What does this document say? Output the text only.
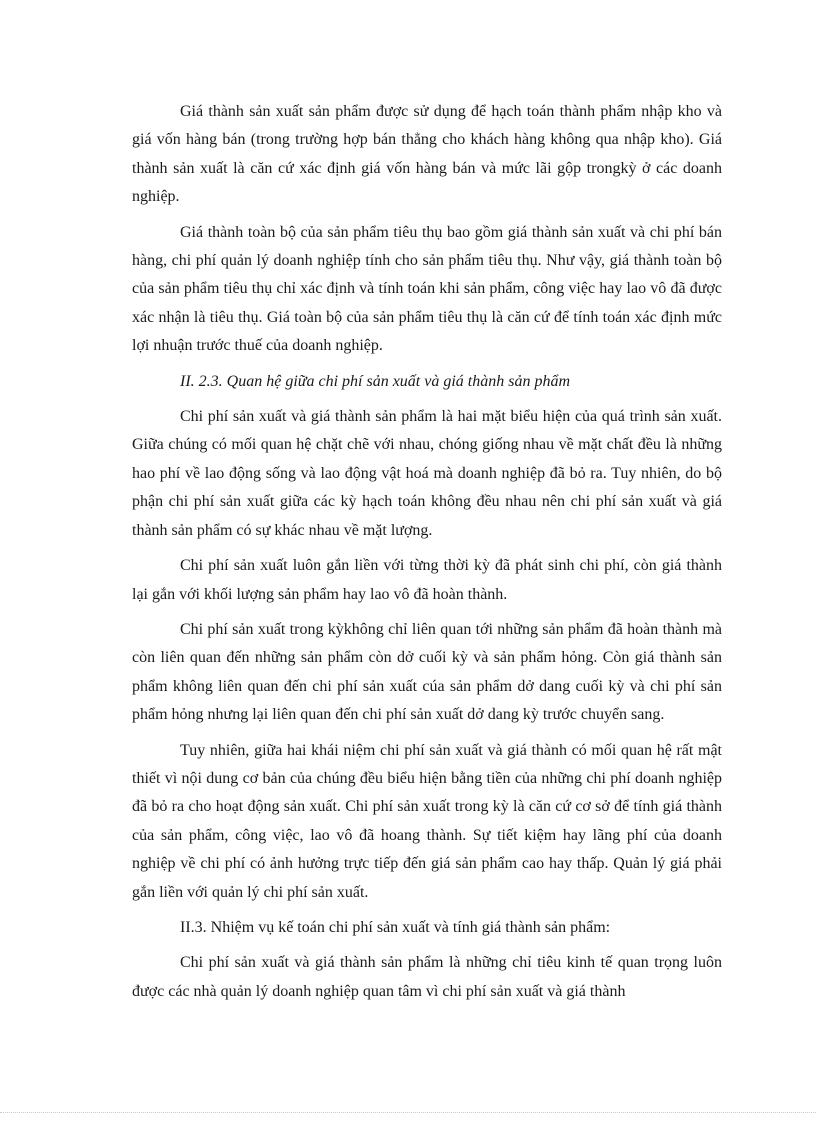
Giá thành sản xuất sản phẩm được sử dụng để hạch toán thành phẩm nhập kho và giá vốn hàng bán (trong trường hợp bán thẳng cho khách hàng không qua nhập kho). Giá thành sản xuất là căn cứ xác định giá vốn hàng bán và mức lãi gộp trongkỳ ở các doanh nghiệp.

Giá thành toàn bộ của sản phẩm tiêu thụ bao gồm giá thành sản xuất và chi phí bán hàng, chi phí quản lý doanh nghiệp tính cho sản phẩm tiêu thụ. Như vậy, giá thành toàn bộ của sản phẩm tiêu thụ chỉ xác định và tính toán khi sản phẩm, công việc hay lao vô đã được xác nhận là tiêu thụ. Giá toàn bộ của sản phẩm tiêu thụ là căn cứ để tính toán xác định mức lợi nhuận trước thuế của doanh nghiệp.

II. 2.3. Quan hệ giữa chi phí sản xuất và giá thành sản phẩm

Chi phí sản xuất và giá thành sản phẩm là hai mặt biểu hiện của quá trình sản xuất. Giữa chúng có mối quan hệ chặt chẽ với nhau, chóng giống nhau về mặt chất đều là những hao phí về lao động sống và lao động vật hoá mà doanh nghiệp đã bỏ ra. Tuy nhiên, do bộ phận chi phí sản xuất giữa các kỳ hạch toán không đều nhau nên chi phí sản xuất và giá thành sản phẩm có sự khác nhau về mặt lượng.

Chi phí sản xuất luôn gắn liền với từng thời kỳ đã phát sinh chi phí, còn giá thành lại gắn với khối lượng sản phẩm hay lao vô đã hoàn thành.

Chi phí sản xuất trong kỳkhông chỉ liên quan tới những sản phẩm đã hoàn thành mà còn liên quan đến những sản phẩm còn dở cuối kỳ và sản phẩm hỏng. Còn giá thành sản phẩm không liên quan đến chi phí sản xuất cúa sản phẩm dở dang cuối kỳ và chi phí sản phẩm hỏng nhưng lại liên quan đến chi phí sản xuất dở dang kỳ trước chuyển sang.

Tuy nhiên, giữa hai khái niệm chi phí sản xuất và giá thành có mối quan hệ rất mật thiết vì nội dung cơ bản của chúng đều biểu hiện bằng tiền của những chi phí doanh nghiệp đã bỏ ra cho hoạt động sản xuất. Chi phí sản xuất trong kỳ là căn cứ cơ sở để tính giá thành của sản phẩm, công việc, lao vô đã hoang thành. Sự tiết kiệm hay lãng phí của doanh nghiệp về chi phí có ảnh hưởng trực tiếp đến giá sản phẩm cao hay thấp. Quản lý giá phải gắn liền với quản lý chi phí sản xuất.

II.3. Nhiệm vụ kế toán chi phí sản xuất và tính giá thành sản phẩm:

Chi phí sản xuất và giá thành sản phẩm là những chỉ tiêu kinh tế quan trọng luôn được các nhà quản lý doanh nghiệp quan tâm vì chi phí sản xuất và giá thành
